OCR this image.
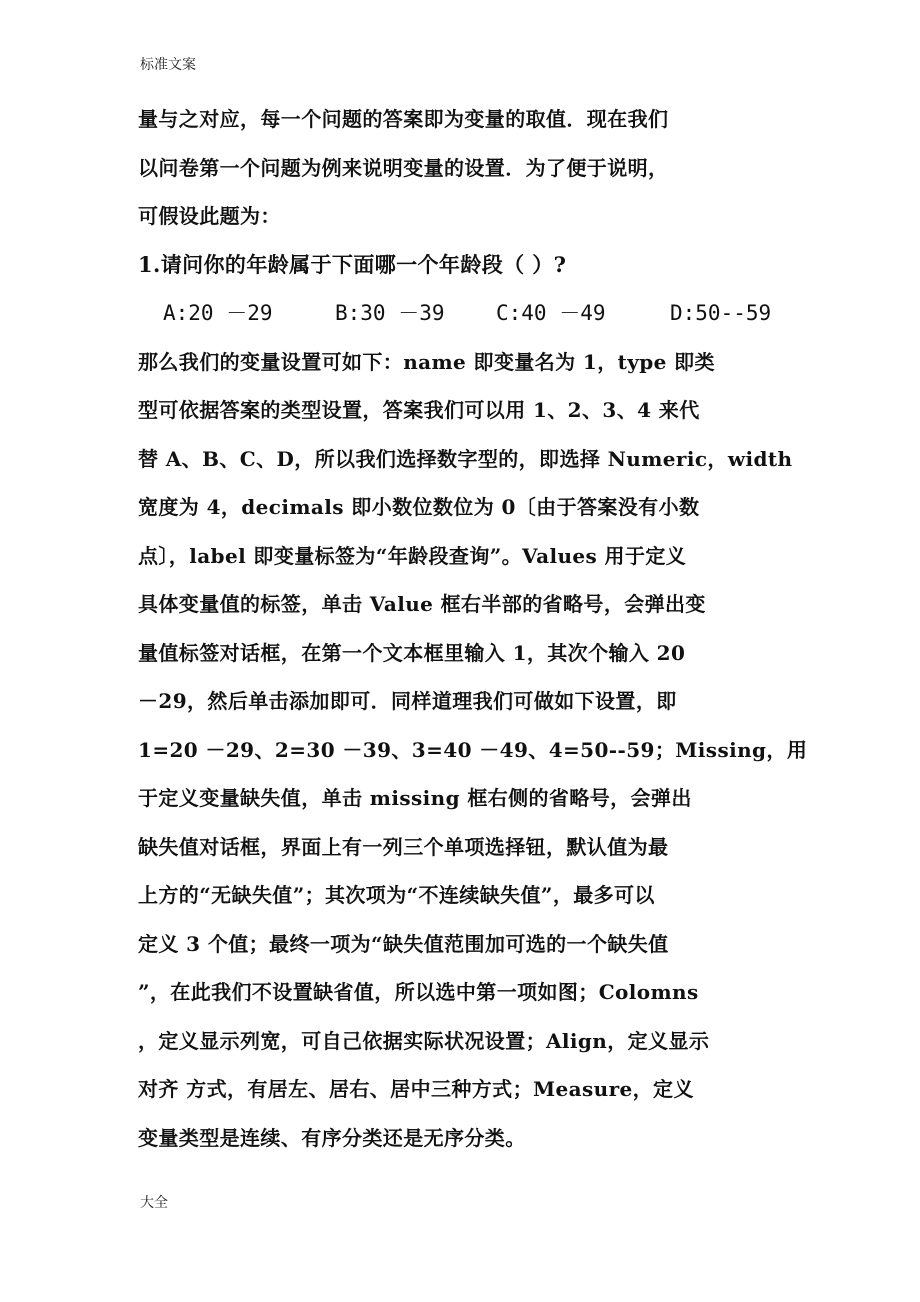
标准文案
量与之对应，每一个问题的答案即为变量的取值．现在我们
以问卷第一个问题为例来说明变量的设置．为了便于说明，
可假设此题为：
1.请问你的年龄属于下面哪一个年龄段（ ）?
A:20 －29	B:30 －39 C:40 －49	D:50--59
那么我们的变量设置可如下：name 即变量名为 1，type 即类
型可依据答案的类型设置，答案我们可以用 1、2、3、4 来代
替 A、B、C、D，所以我们选择数字型的，即选择 Numeric，width
宽度为 4，decimals 即小数位数位为 0〔由于答案没有小数
点〕，label 即变量标签为“年龄段查询”。Values 用于定义
具体变量值的标签，单击 Value 框右半部的省略号，会弹出变
量值标签对话框，在第一个文本框里输入 1，其次个输入 20
－29，然后单击添加即可．同样道理我们可做如下设置，即
1=20 －29、2=30 －39、3=40 －49、4=50--59；Missing，用
于定义变量缺失值，单击 missing 框右侧的省略号，会弹出
缺失值对话框，界面上有一列三个单项选择钮，默认值为最
上方的“无缺失值”；其次项为“不连续缺失值”，最多可以
定义 3 个值；最终一项为“缺失值范围加可选的一个缺失值
”，在此我们不设置缺省值，所以选中第一项如图；Colomns
，定义显示列宽，可自己依据实际状况设置；Align，定义显示
对齐 方式，有居左、居右、居中三种方式；Measure，定义
变量类型是连续、有序分类还是无序分类。
大全
